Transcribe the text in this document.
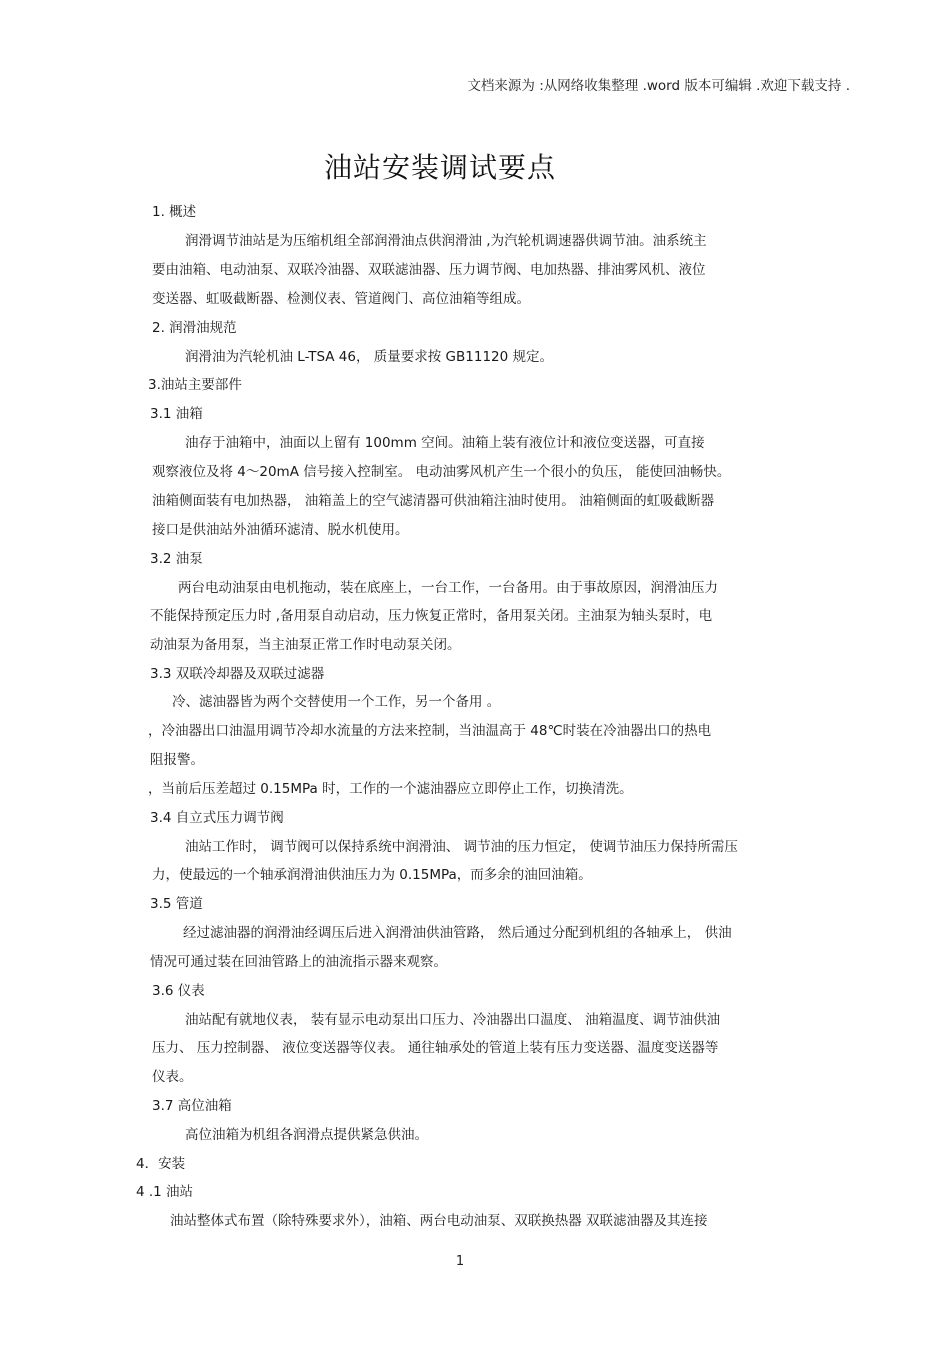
文档来源为 :从网络收集整理 .word 版本可编辑 .欢迎下载支持 .
油站安装调试要点
1. 概述
润滑调节油站是为压缩机组全部润滑油点供润滑油 ,为汽轮机调速器供调节油。油系统主
要由油箱、电动油泵、双联冷油器、双联滤油器、压力调节阀、电加热器、排油雾风机、液位
变送器、虹吸截断器、检测仪表、管道阀门、高位油箱等组成。
2. 润滑油规范
润滑油为汽轮机油 L-TSA 46， 质量要求按 GB11120 规定。
3.油站主要部件
3.1 油箱
油存于油箱中，油面以上留有 100mm 空间。油箱上装有液位计和液位变送器，可直接
观察液位及将 4～20mA 信号接入控制室。 电动油雾风机产生一个很小的负压， 能使回油畅快。
油箱侧面装有电加热器， 油箱盖上的空气滤清器可供油箱注油时使用。 油箱侧面的虹吸截断器
接口是供油站外油循环滤清、脱水机使用。
3.2 油泵
两台电动油泵由电机拖动，装在底座上，一台工作，一台备用。由于事故原因，润滑油压力
不能保持预定压力时 ,备用泵自动启动，压力恢复正常时，备用泵关闭。主油泵为轴头泵时，电
动油泵为备用泵，当主油泵正常工作时电动泵关闭。
3.3 双联冷却器及双联过滤器
冷、滤油器皆为两个交替使用一个工作，另一个备用 。
，冷油器出口油温用调节冷却水流量的方法来控制，当油温高于 48℃时装在冷油器出口的热电
阻报警。
，当前后压差超过 0.15MPa 时，工作的一个滤油器应立即停止工作，切换清洗。
3.4 自立式压力调节阀
油站工作时， 调节阀可以保持系统中润滑油、 调节油的压力恒定， 使调节油压力保持所需压
力，使最远的一个轴承润滑油供油压力为 0.15MPa，而多余的油回油箱。
3.5 管道
经过滤油器的润滑油经调压后进入润滑油供油管路， 然后通过分配到机组的各轴承上， 供油
情况可通过装在回油管路上的油流指示器来观察。
3.6 仪表
油站配有就地仪表， 装有显示电动泵出口压力、冷油器出口温度、 油箱温度、调节油供油
压力、 压力控制器、 液位变送器等仪表。 通往轴承处的管道上装有压力变送器、温度变送器等
仪表。
3.7 高位油箱
高位油箱为机组各润滑点提供紧急供油。
4．安装
4 .1 油站
油站整体式布置（除特殊要求外），油箱、两台电动油泵、双联换热器 双联滤油器及其连接
1
